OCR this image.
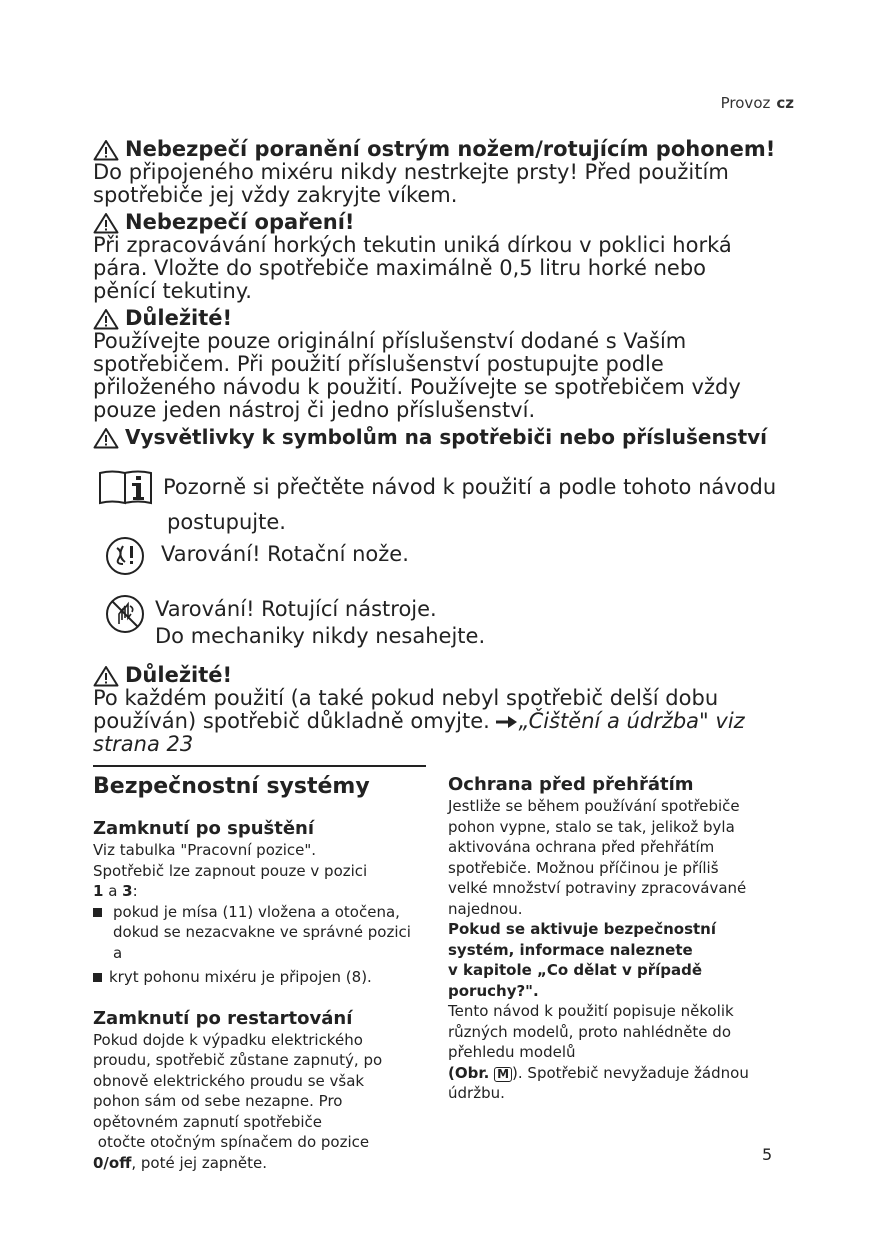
Provoz cz
Nebezpečí poranění ostrým nožem/rotujícím pohonem!
Do připojeného mixéru nikdy nestrkejte prsty! Před použitím
spotřebiče jej vždy zakryjte víkem.
Nebezpečí opaření!
Při zpracovávání horkých tekutin uniká dírkou v poklici horká
pára. Vložte do spotřebiče maximálně 0,5 litru horké nebo
pěnící tekutiny.
Důležité!
Používejte pouze originální příslušenství dodané s Vaším
spotřebičem. Při použití příslušenství postupujte podle
přiloženého návodu k použití. Používejte se spotřebičem vždy
pouze jeden nástroj či jedno příslušenství.
Vysvětlivky k symbolům na spotřebiči nebo příslušenství
Pozorně si přečtěte návod k použití a podle tohoto návodu
postupujte.
Varování! Rotační nože.
Varování! Rotující nástroje.
Do mechaniky nikdy nesahejte.
Důležité!
Po každém použití (a také pokud nebyl spotřebič delší dobu
používán) spotřebič důkladně omyjte. „Čištění a údržba" viz
strana 23
Bezpečnostní systémy
Zamknutí po spuštění
Viz tabulka "Pracovní pozice".
Spotřebič lze zapnout pouze v pozici
1 a 3:
pokud je mísa (11) vložena a otočena,
dokud se nezacvakne ve správné pozici
a
kryt pohonu mixéru je připojen (8).
Zamknutí po restartování
Pokud dojde k výpadku elektrického
proudu, spotřebič zůstane zapnutý, po
obnově elektrického proudu se však
pohon sám od sebe nezapne. Pro
opětovném zapnutí spotřebiče
otočte otočným spínačem do pozice
0/off, poté jej zapněte.
Ochrana před přehřátím
Jestliže se během používání spotřebiče
pohon vypne, stalo se tak, jelikož byla
aktivována ochrana před přehřátím
spotřebiče. Možnou příčinou je příliš
velké množství potraviny zpracovávané
najednou.
Pokud se aktivuje bezpečnostní
systém, informace naleznete
v kapitole „Co dělat v případě
poruchy?".
Tento návod k použití popisuje několik
různých modelů, proto nahlédněte do
přehledu modelů
(Obr. M ). Spotřebič nevyžaduje žádnou
údržbu.
5
